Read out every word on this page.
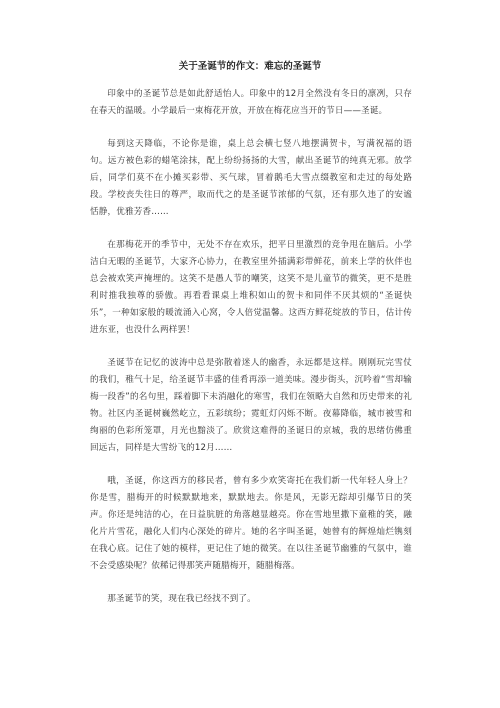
关于圣诞节的作文：难忘的圣诞节

印象中的圣诞节总是如此舒适怡人。印象中的12月全然没有冬日的凛冽，只存在春天的温暖。小学最后一束梅花开放，开放在梅花应当开的节日——圣诞。

每到这天降临，不论你是谁，桌上总会横七竖八地摆满贺卡，写满祝福的语句。远方被色彩的蜡笔涂抹，配上纷纷扬扬的大雪，献出圣诞节的纯真无邪。放学后，同学们莫不在小摊买彩带、买气球，冒着鹅毛大雪点缀教室和走过的每处路段。学校丧失往日的尊严，取而代之的是圣诞节浓郁的气氛，还有那久违了的安谧恬静，优雅芳香……

在那梅花开的季节中，无处不存在欢乐，把平日里激烈的竞争甩在脑后。小学洁白无暇的圣诞节，大家齐心协力，在教室里外插满彩带鲜花，前来上学的伙伴也总会被欢笑声掩埋的。这笑不是愚人节的嘲笑，这笑不是儿童节的微笑，更不是胜利时推我独尊的骄傲。再看看课桌上堆积如山的贺卡和同伴不厌其烦的“圣诞快乐”，一种如家般的暖流涌入心窝，令人倍觉温馨。这西方鲜花绽放的节日，估计传进东亚，也没什么两样罢！

圣诞节在记忆的波涛中总是弥散着迷人的幽香，永远都是这样。刚刚玩完雪仗的我们，稚气十足，给圣诞节丰盛的佳肴再添一道美味。漫步街头，沉吟着“雪却输梅一段香”的名句里，踩着脚下未消融化的寒雪，我们在领略大自然和历史带来的礼物。社区内圣诞树巍然屹立，五彩缤纷；霓虹灯闪烁不断。夜幕降临，城市被雪和绚丽的色彩所笼罩，月光也黯淡了。欣赏这难得的圣诞日的京城，我的思绪仿佛重回远古，同样是大雪纷飞的12月……

哦，圣诞，你这西方的移民者，曾有多少欢笑寄托在我们新一代年轻人身上？你是雪，腊梅开的时候默默地来，默默地去。你是风，无影无踪却引爆节日的笑声。你还是纯洁的心，在日益肮脏的角落越显越亮。你在雪地里撒下童稚的笑，融化片片雪花，融化人们内心深处的碎片。她的名字叫圣诞，她曾有的辉煌灿烂镌刻在我心底。记住了她的模样，更记住了她的微笑。在以往圣诞节幽雅的气氛中，谁不会受感染呢？依稀记得那笑声随腊梅开，随腊梅落。

那圣诞节的笑，现在我已经找不到了。
